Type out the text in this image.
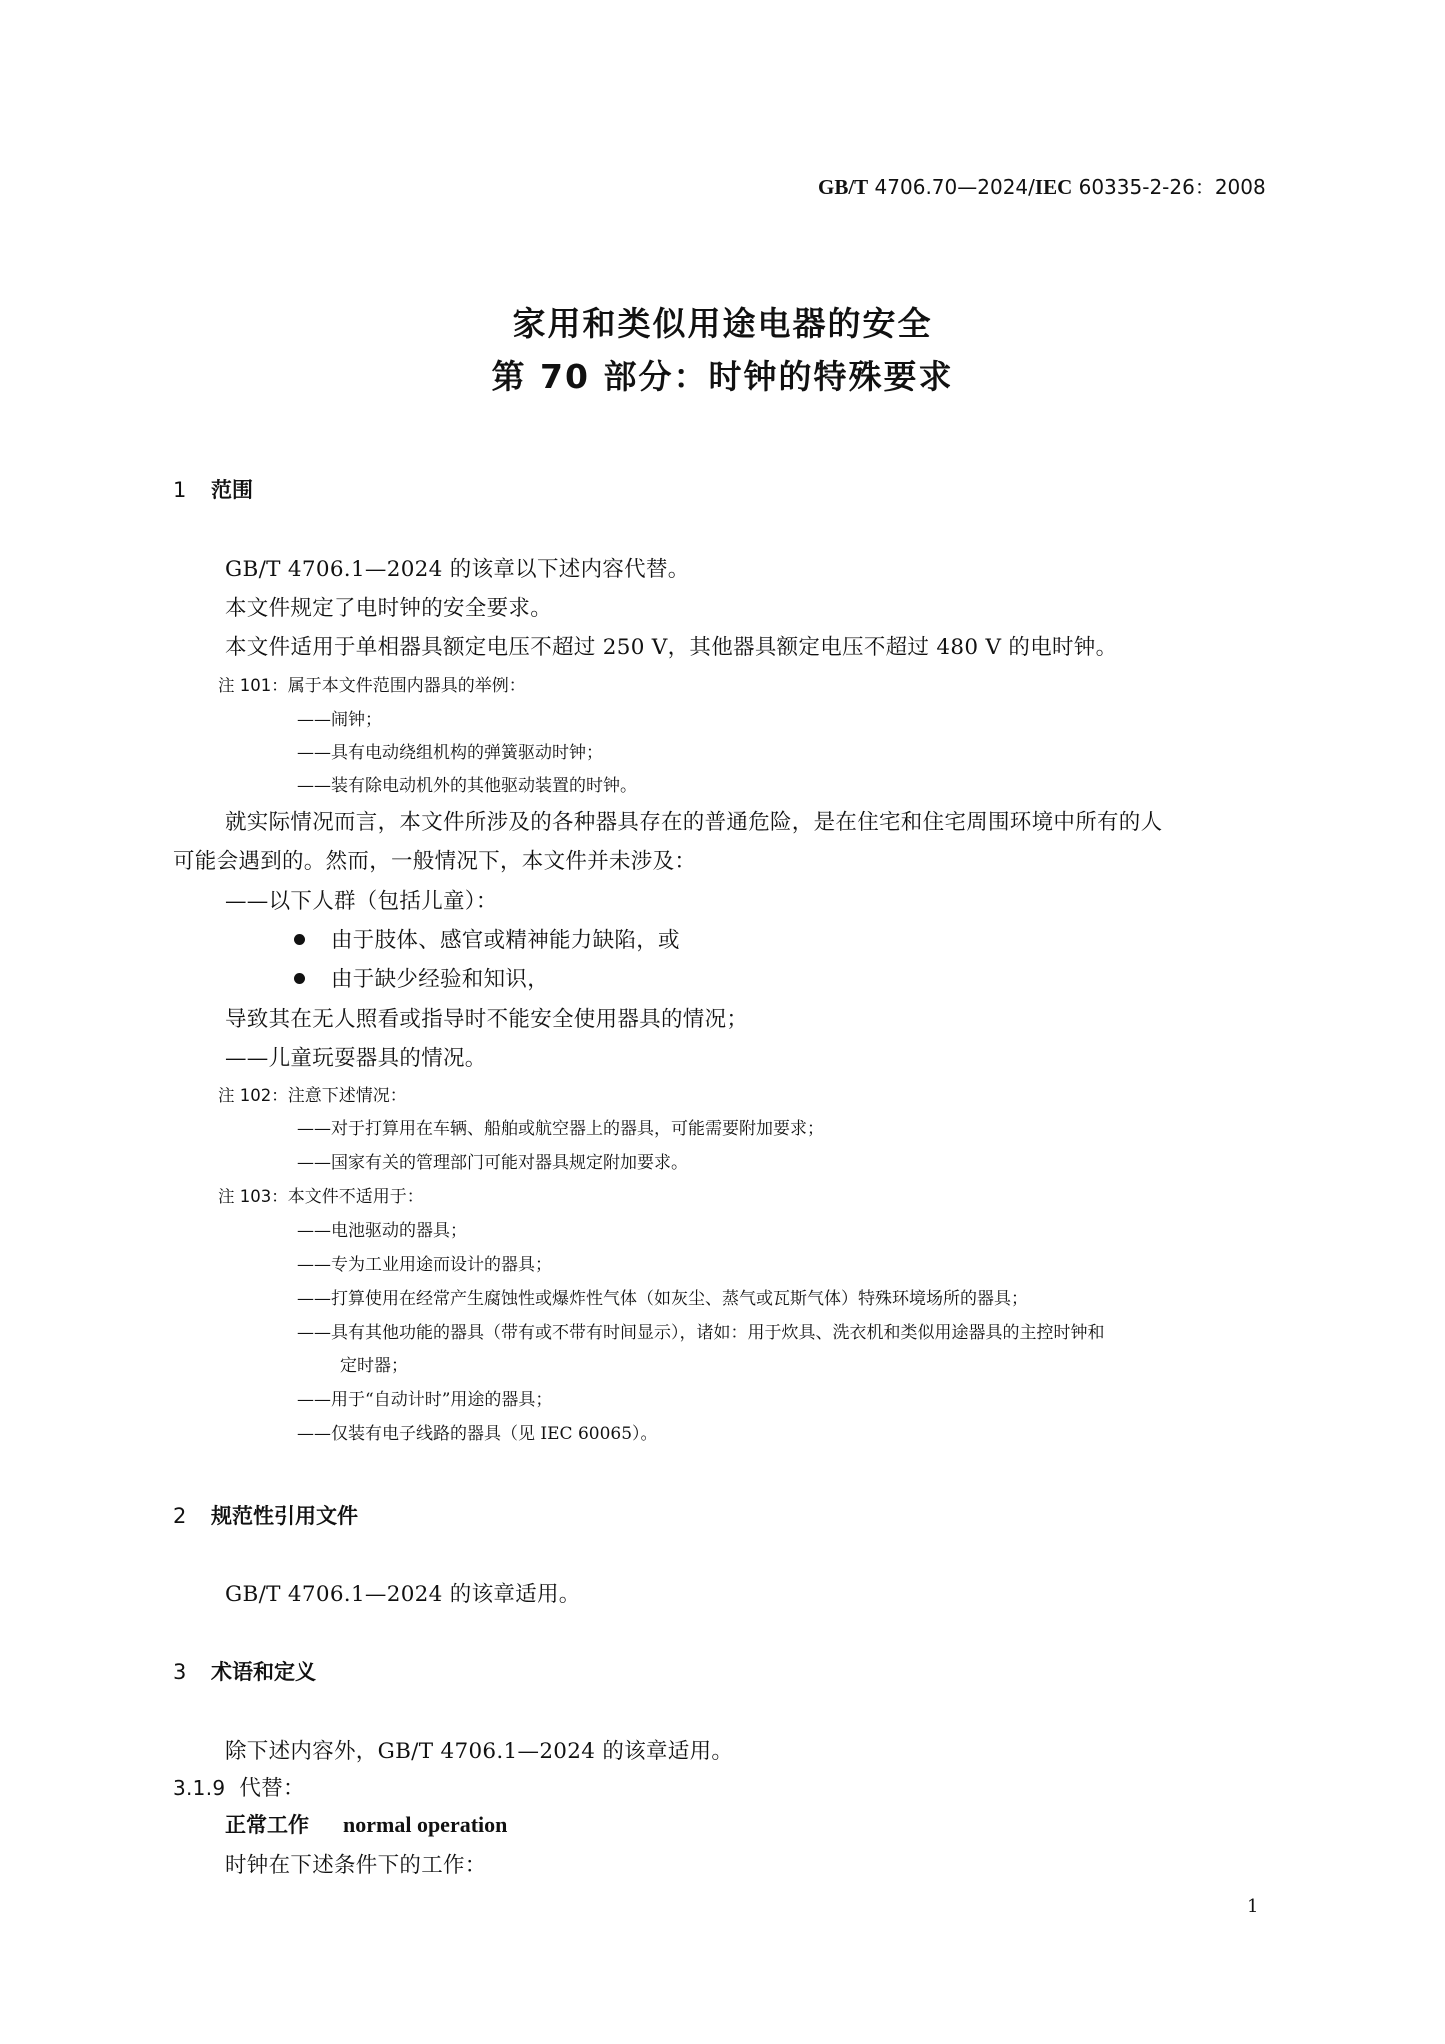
GB/T 4706.70—2024/IEC 60335-2-26：2008
家用和类似用途电器的安全
第 70 部分：时钟的特殊要求
1 范围
GB/T 4706.1—2024 的该章以下述内容代替。
本文件规定了电时钟的安全要求。
本文件适用于单相器具额定电压不超过 250 V，其他器具额定电压不超过 480 V 的电时钟。
注 101：属于本文件范围内器具的举例：
——闹钟；
——具有电动绕组机构的弹簧驱动时钟；
——装有除电动机外的其他驱动装置的时钟。
就实际情况而言，本文件所涉及的各种器具存在的普通危险，是在住宅和住宅周围环境中所有的人
可能会遇到的。然而，一般情况下，本文件并未涉及：
——以下人群（包括儿童）：
由于肢体、感官或精神能力缺陷，或
由于缺少经验和知识，
导致其在无人照看或指导时不能安全使用器具的情况；
——儿童玩耍器具的情况。
注 102：注意下述情况：
——对于打算用在车辆、船舶或航空器上的器具，可能需要附加要求；
——国家有关的管理部门可能对器具规定附加要求。
注 103：本文件不适用于：
——电池驱动的器具；
——专为工业用途而设计的器具；
——打算使用在经常产生腐蚀性或爆炸性气体（如灰尘、蒸气或瓦斯气体）特殊环境场所的器具；
——具有其他功能的器具（带有或不带有时间显示），诸如：用于炊具、洗衣机和类似用途器具的主控时钟和
定时器；
——用于“自动计时”用途的器具；
——仅装有电子线路的器具（见 IEC 60065）。
2 规范性引用文件
GB/T 4706.1—2024 的该章适用。
3 术语和定义
除下述内容外，GB/T 4706.1—2024 的该章适用。
3.1.9 代替：
正常工作 normal operation
时钟在下述条件下的工作：
1
